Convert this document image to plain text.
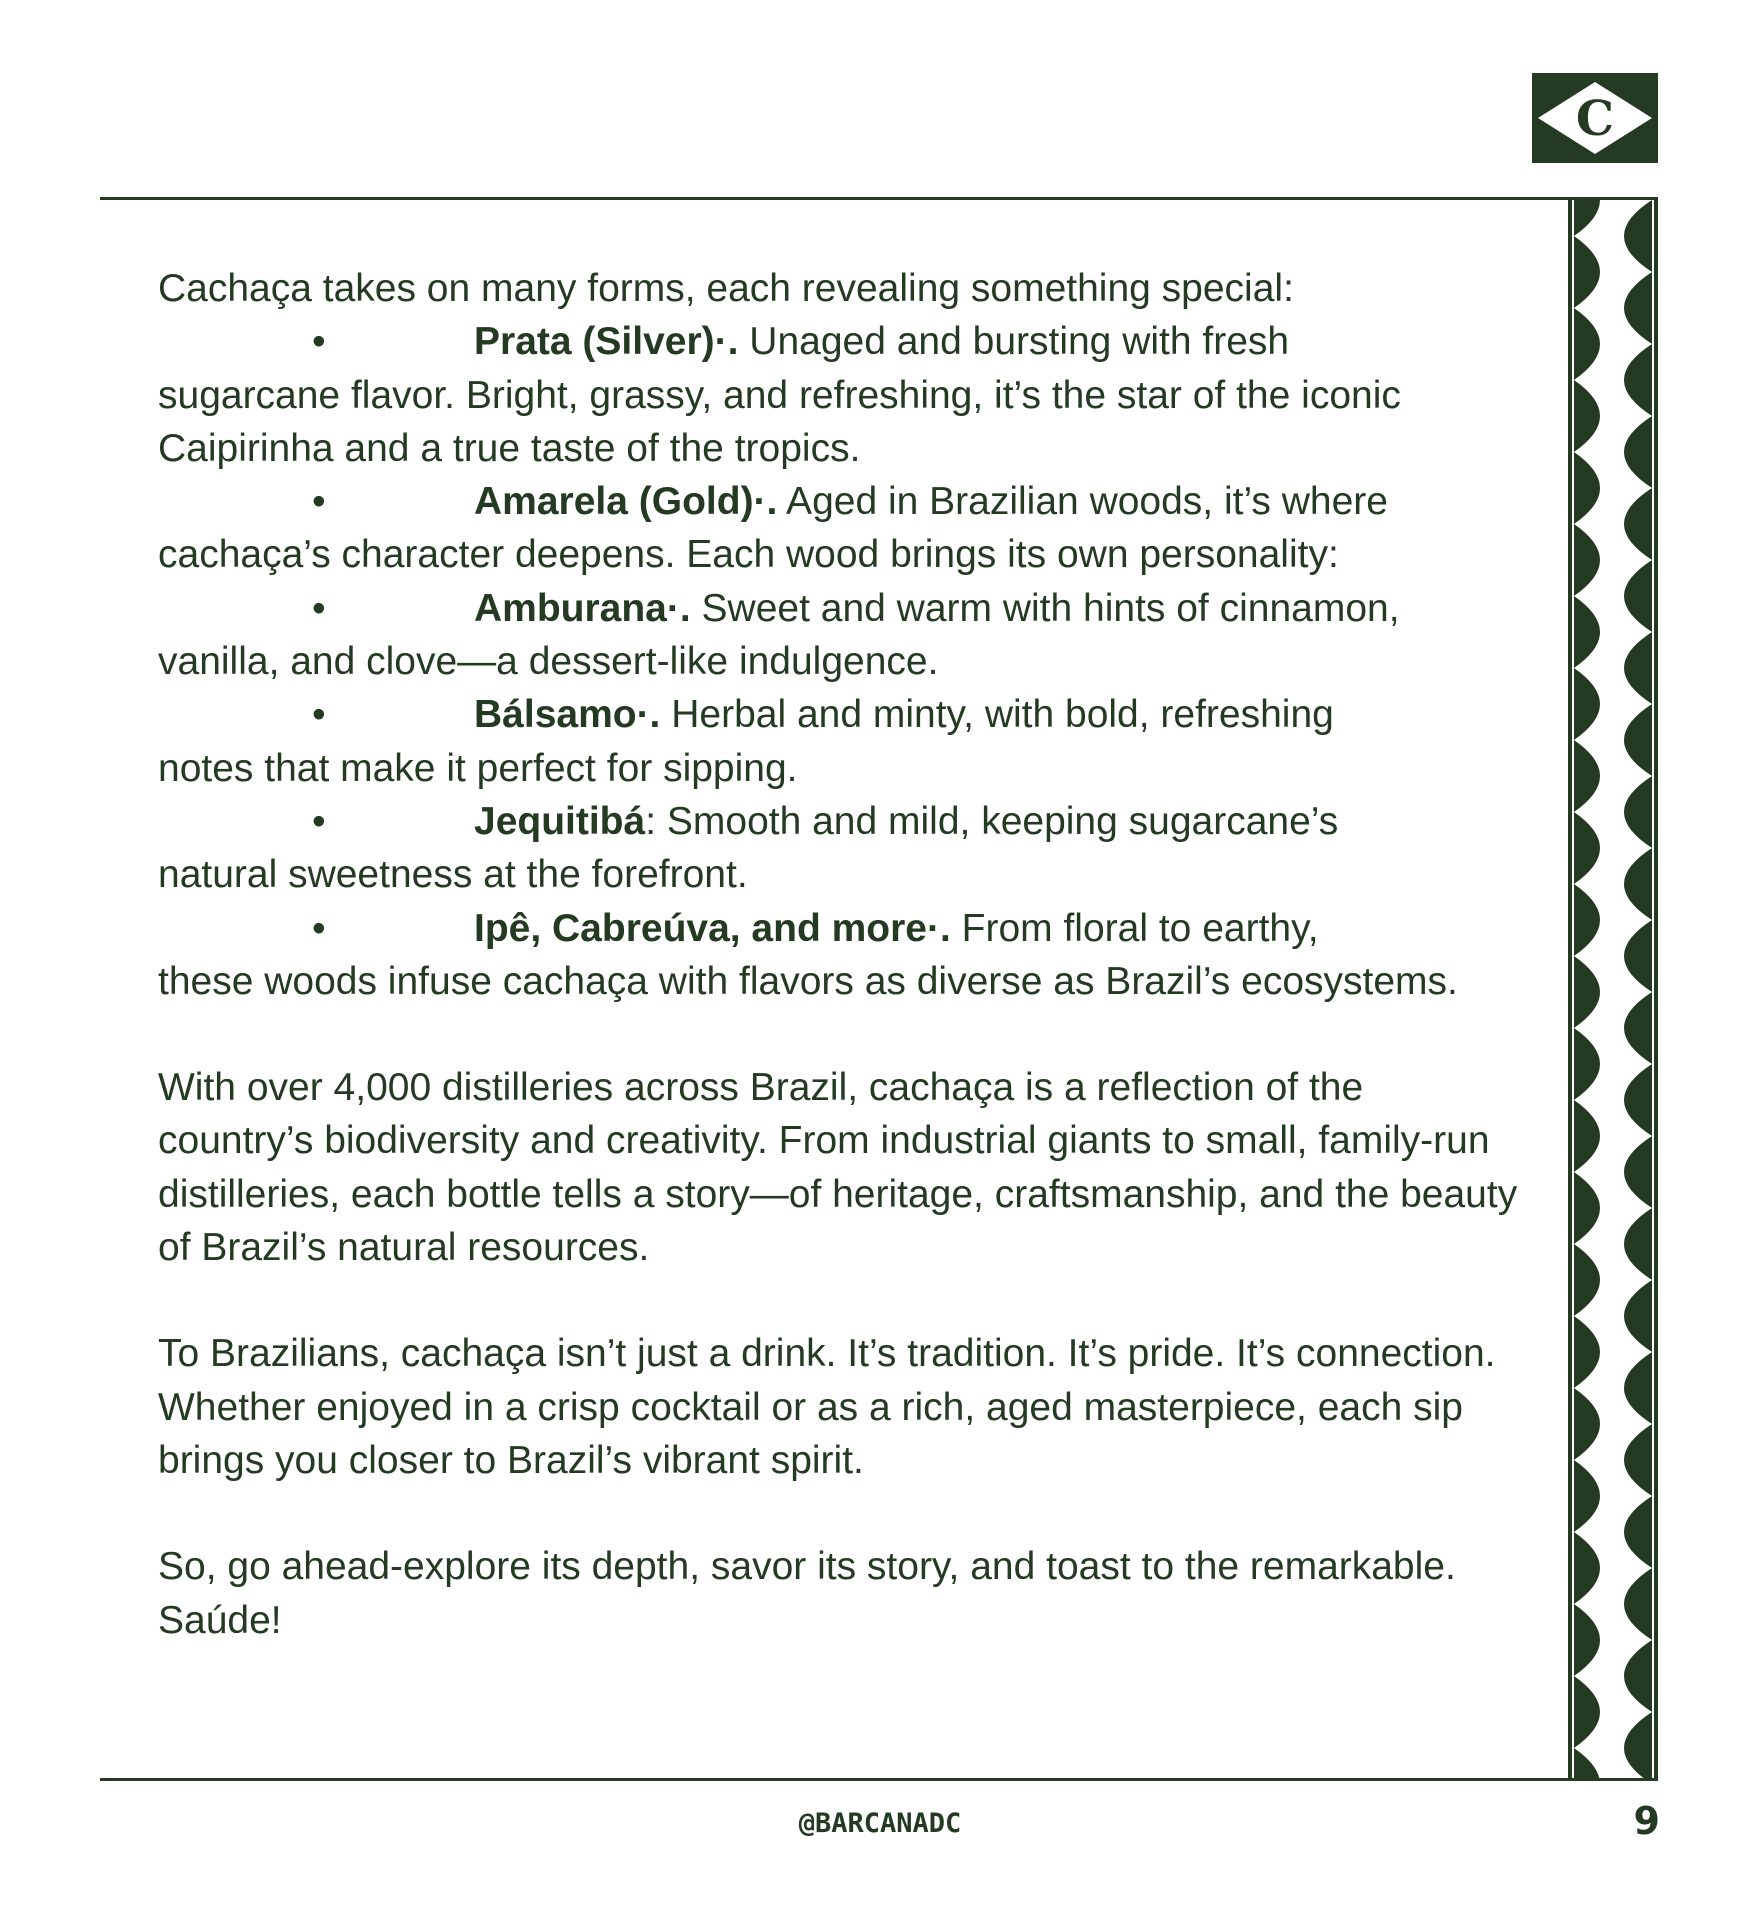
C

Cachaça takes on many forms, each revealing something special:

•	Prata (Silver)·. Unaged and bursting with fresh
sugarcane flavor. Bright, grassy, and refreshing, it’s the star of the iconic Caipirinha and a true taste of the tropics.

•	Amarela (Gold)·. Aged in Brazilian woods, it’s where
cachaça’s character deepens. Each wood brings its own personality:

•	Amburana·. Sweet and warm with hints of cinnamon,
vanilla, and clove—a dessert-like indulgence.

•	Bálsamo·. Herbal and minty, with bold, refreshing
notes that make it perfect for sipping.

•	Jequitibá: Smooth and mild, keeping sugarcane’s
natural sweetness at the forefront.

•	Ipê, Cabreúva, and more·. From floral to earthy,
these woods infuse cachaça with flavors as diverse as Brazil’s ecosystems.

With over 4,000 distilleries across Brazil, cachaça is a reflection of the country’s biodiversity and creativity. From industrial giants to small, family-run distilleries, each bottle tells a story—of heritage, craftsmanship, and the beauty of Brazil’s natural resources.

To Brazilians, cachaça isn’t just a drink. It’s tradition. It’s pride. It’s connection. Whether enjoyed in a crisp cocktail or as a rich, aged masterpiece, each sip brings you closer to Brazil’s vibrant spirit.

So, go ahead-explore its depth, savor its story, and toast to the remarkable. Saúde!

@BARCANADC	9
